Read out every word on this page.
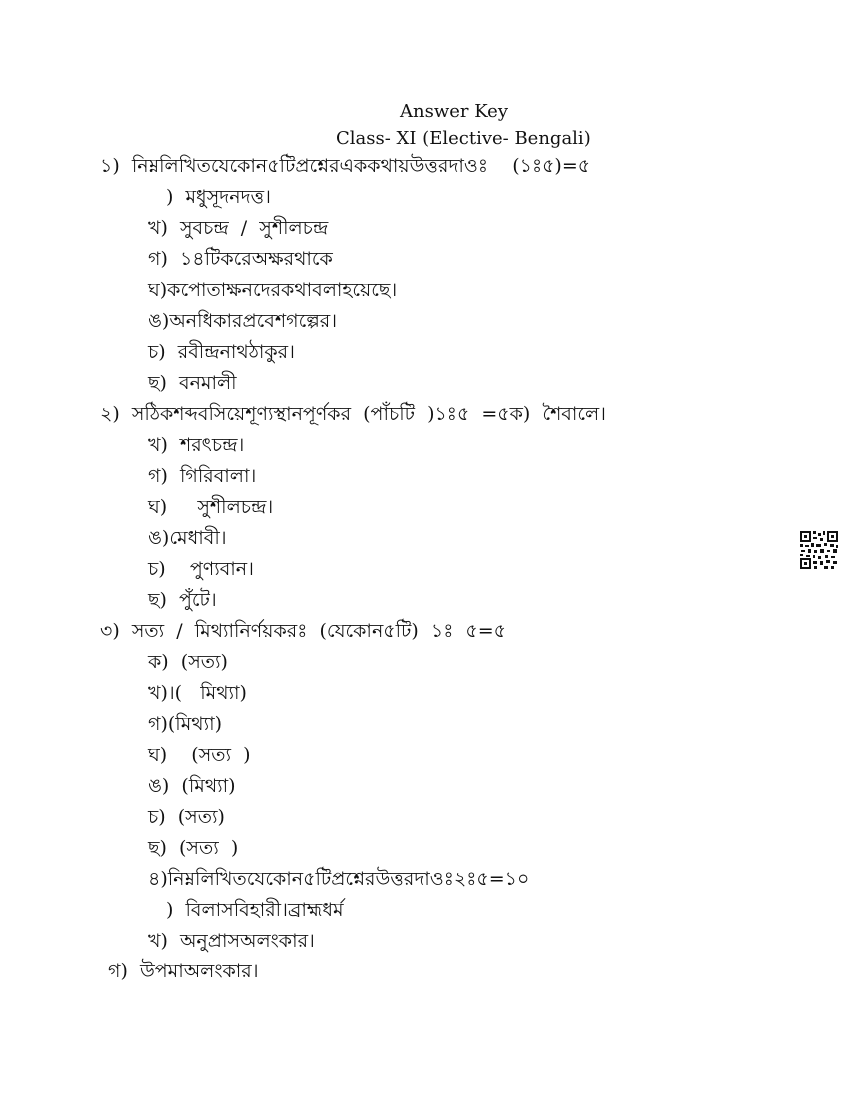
Answer Key
Class- XI (Elective- Bengali)
১)  নিম্নলিখিতযেকোন৫টিপ্রশ্নেরএককথায়উত্তরদাওঃ    (১ঃ৫)=৫
)  মধুসূদনদত্ত।
খ)  সুবচন্দ্র  /  সুশীলচন্দ্র
গ)  ১৪টিকরেঅক্ষরথাকে
ঘ)কপোতাক্ষনদেরকথাবলাহয়েছে।
ঙ)অনধিকারপ্রবেশগল্পের।
চ)  রবীন্দ্রনাথঠাকুর।
ছ)  বনমালী
২)  সঠিকশব্দবসিয়েশূণ্যস্থানপূর্ণকর  (পাঁচটি  )১ঃ৫  =৫ক)  শৈবালে।
খ)  শরৎচন্দ্র।
গ)  গিরিবালা।
ঘ)     সুশীলচন্দ্র।
ঙ)মেধাবী।
চ)    পুণ্যবান।
ছ)  পুঁটে।
৩)  সত্য  /  মিথ্যানির্ণয়করঃ  (যেকোন৫টি)  ১ঃ  ৫=৫
ক)  (সত্য)
খ)।(   মিথ্যা)
গ)(মিথ্যা)
ঘ)    (সত্য  )
ঙ)  (মিথ্যা)
চ)  (সত্য)
ছ)  (সত্য  )
৪)নিম্নলিখিতযেকোন৫টিপ্রশ্নেরউত্তরদাওঃ২ঃ৫=১০
)  বিলাসবিহারী।ব্রাহ্মধর্ম
খ)  অনুপ্রাসঅলংকার।
গ)  উপমাঅলংকার।
